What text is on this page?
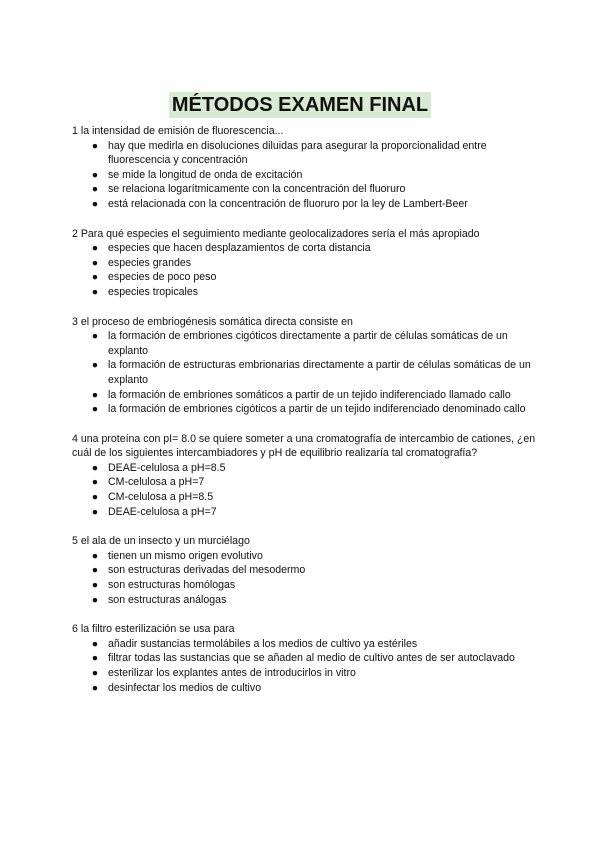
MÉTODOS EXAMEN FINAL

1 la intensidad de emisión de fluorescencia...

● hay que medirla en disoluciones diluidas para asegurar la proporcionalidad entre fluorescencia y concentración
● se mide la longitud de onda de excitación
● se relaciona logarítmicamente con la concentración del fluoruro
● está relacionada con la concentración de fluoruro por la ley de Lambert-Beer

2 Para qué especies el seguimiento mediante geolocalizadores sería el más apropiado

● especies que hacen desplazamientos de corta distancia
● especies grandes
● especies de poco peso
● especies tropicales

3 el proceso de embriogénesis somática directa consiste en

● la formación de embriones cigóticos directamente a partir de células somáticas de un explanto
● la formación de estructuras embrionarias directamente a partir de células somáticas de un explanto
● la formación de embriones somáticos a partir de un tejido indiferenciado llamado callo
● la formación de embriones cigóticos a partir de un tejido indiferenciado denominado callo

4 una proteína con pI= 8.0 se quiere someter a una cromatografía de intercambio de cationes, ¿en cuál de los siguientes intercambiadores y pH de equilibrio realizaría tal cromatografía?

● DEAE-celulosa a pH=8.5
● CM-celulosa a pH=7
● CM-celulosa a pH=8.5
● DEAE-celulosa a pH=7

5 el ala de un insecto y un murciélago

● tienen un mismo origen evolutivo
● son estructuras derivadas del mesodermo
● son estructuras homólogas
● son estructuras análogas

6 la filtro esterilización se usa para

● añadir sustancias termolábiles a los medios de cultivo ya estériles
● filtrar todas las sustancias que se añaden al medio de cultivo antes de ser autoclavado
● esterilizar los explantes antes de introducirlos in vitro
● desinfectar los medios de cultivo
